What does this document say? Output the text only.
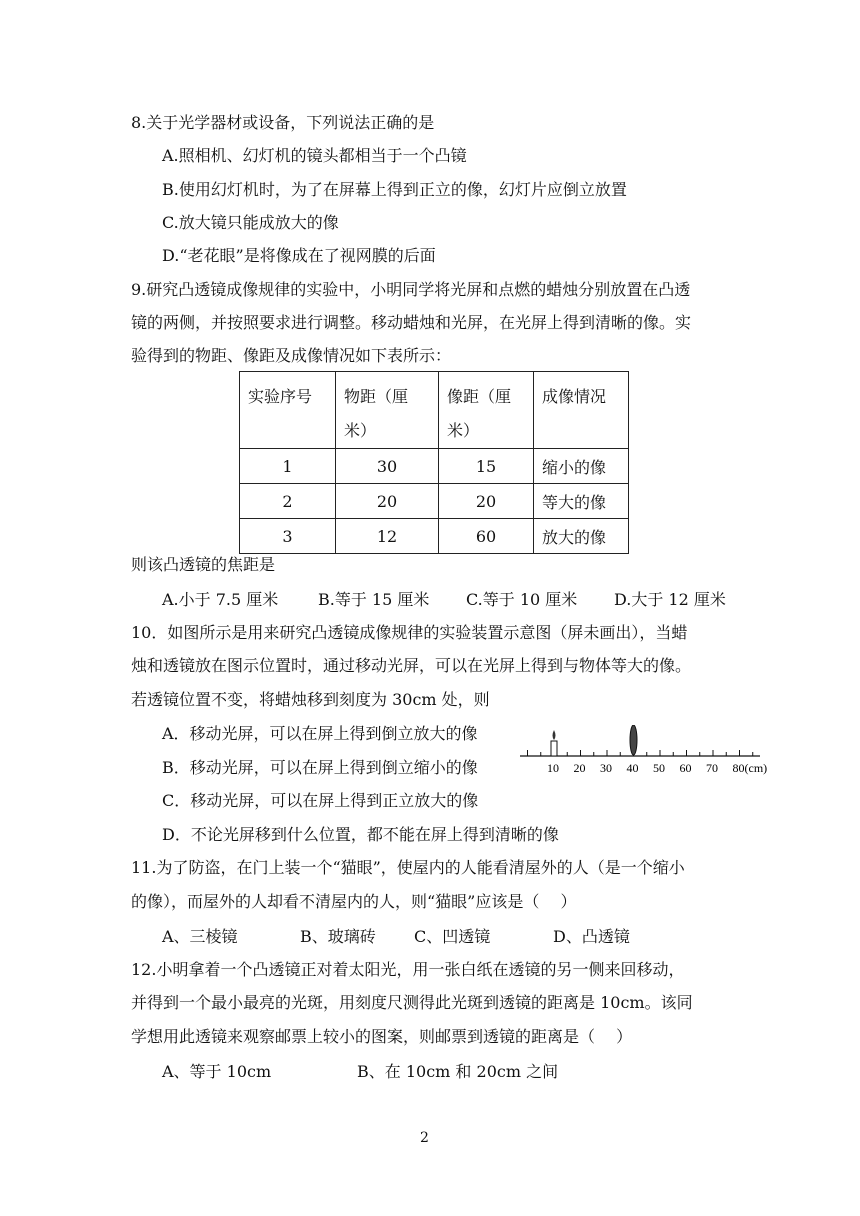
8.关于光学器材或设备，下列说法正确的是
A.照相机、幻灯机的镜头都相当于一个凸镜
B.使用幻灯机时，为了在屏幕上得到正立的像，幻灯片应倒立放置
C.放大镜只能成放大的像
D.“老花眼”是将像成在了视网膜的后面
9.研究凸透镜成像规律的实验中，小明同学将光屏和点燃的蜡烛分别放置在凸透
镜的两侧，并按照要求进行调整。移动蜡烛和光屏，在光屏上得到清晰的像。实
验得到的物距、像距及成像情况如下表所示：
实验序号	物距（厘米）	像距（厘米）	成像情况
1	30	15	缩小的像
2	20	20	等大的像
3	12	60	放大的像
则该凸透镜的焦距是
A.小于 7.5 厘米 B.等于 15 厘米 C.等于 10 厘米 D.大于 12 厘米
10．如图所示是用来研究凸透镜成像规律的实验装置示意图（屏未画出），当蜡
烛和透镜放在图示位置时，通过移动光屏，可以在光屏上得到与物体等大的像。
若透镜位置不变，将蜡烛移到刻度为 30cm 处，则
A．移动光屏，可以在屏上得到倒立放大的像
B．移动光屏，可以在屏上得到倒立缩小的像
C．移动光屏，可以在屏上得到正立放大的像
D．不论光屏移到什么位置，都不能在屏上得到清晰的像
10 20 30 40 50 60 70 80(cm)
11.为了防盗，在门上装一个“猫眼”，使屋内的人能看清屋外的人（是一个缩小
的像），而屋外的人却看不清屋内的人，则“猫眼”应该是（　 ）
A、三棱镜	B、玻璃砖 C、凹透镜	D、凸透镜
12.小明拿着一个凸透镜正对着太阳光，用一张白纸在透镜的另一侧来回移动，
并得到一个最小最亮的光斑，用刻度尺测得此光斑到透镜的距离是 10cm。该同
学想用此透镜来观察邮票上较小的图案，则邮票到透镜的距离是（　 ）
A、等于 10cm	B、在 10cm 和 20cm 之间
2
